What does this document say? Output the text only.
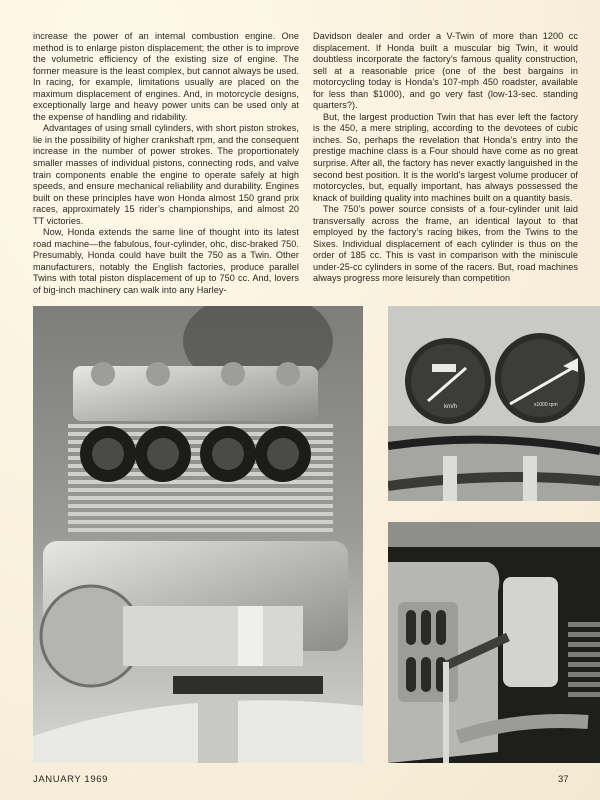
increase the power of an internal combustion engine. One method is to enlarge piston displacement; the other is to improve the volumetric efficiency of the existing size of engine. The former measure is the least complex, but cannot always be used. In racing, for example, limitations usually are placed on the maximum displacement of engines. And, in motorcycle designs, exceptionally large and heavy power units can be used only at the expense of handling and ridability.

Advantages of using small cylinders, with short piston strokes, lie in the possibility of higher crankshaft rpm, and the consequent increase in the number of power strokes. The proportionately smaller masses of individual pistons, connecting rods, and valve train components enable the engine to operate safely at high speeds, and ensure mechanical reliability and durability. Engines built on these principles have won Honda almost 150 grand prix races, approximately 15 rider’s championships, and almost 20 TT victories.

Now, Honda extends the same line of thought into its latest road machine—the fabulous, four-cylinder, ohc, disc-braked 750. Presumably, Honda could have built the 750 as a Twin. Other manufacturers, notably the English factories, produce parallel Twins with total piston displacement of up to 750 cc. And, lovers of big-inch machinery can walk into any Harley-

Davidson dealer and order a V-Twin of more than 1200 cc displacement. If Honda built a muscular big Twin, it would doubtless incorporate the factory’s famous quality construction, sell at a reasonable price (one of the best bargains in motorcycling today is Honda’s 107-mph 450 roadster, available for less than $1000), and go very fast (low-13-sec. standing quarters?).

But, the largest production Twin that has ever left the factory is the 450, a mere stripling, according to the devotees of cubic inches. So, perhaps the revelation that Honda’s entry into the prestige machine class is a Four should have come as no great surprise. After all, the factory has never exactly languished in the second best position. It is the world’s largest volume producer of motorcycles, but, equally important, has always possessed the knack of building quality into machines built on a quantity basis.

The 750’s power source consists of a four-cylinder unit laid transversally across the frame, an identical layout to that employed by the factory’s racing bikes, from the Twins to the Sixes. Individual displacement of each cylinder is thus on the order of 185 cc. This is vast in comparison with the miniscule under-25-cc cylinders in some of the racers. But, road machines always progress more leisurely than competition

km/h	x1000 rpm
JANUARY 1969	37
